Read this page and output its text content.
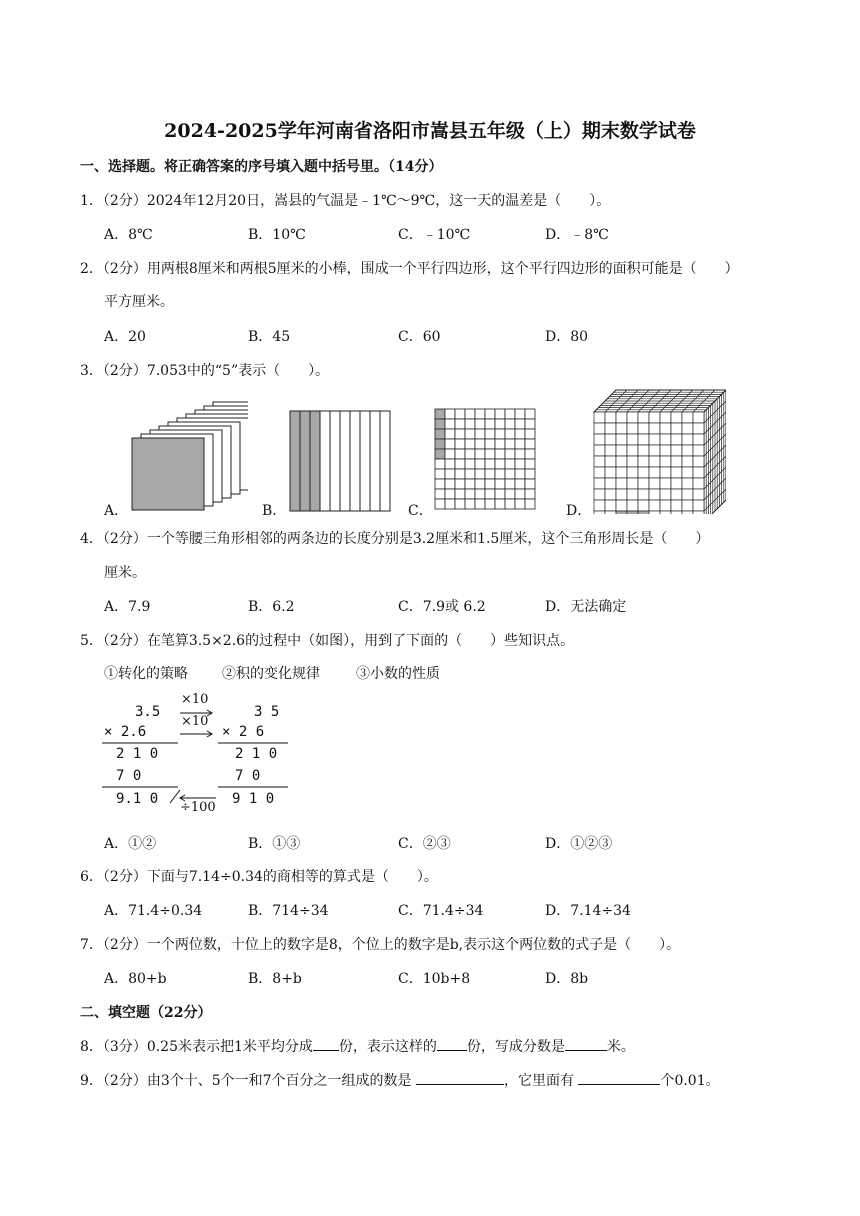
2024-2025学年河南省洛阳市嵩县五年级（上）期末数学试卷
一、选择题。将正确答案的序号填入题中括号里。（14分）
1．（2分）2024年12月20日，嵩县的气温是﹣1℃～9℃，这一天的温差是（　　）。
A．8℃	B．10℃	C．﹣10℃	D．﹣8℃
2．（2分）用两根8厘米和两根5厘米的小棒，围成一个平行四边形，这个平行四边形的面积可能是（　　）
平方厘米。
A．20	B．45	C．60	D．80
3．（2分）7.053中的“5”表示（　　）。
A．	B．	C．	D．
4．（2分）一个等腰三角形相邻的两条边的长度分别是3.2厘米和1.5厘米，这个三角形周长是（　　）
厘米。
A．7.9	B．6.2	C．7.9或 6.2	D．无法确定
5．（2分）在笔算3.5×2.6的过程中（如图），用到了下面的（　　）些知识点。
①转化的策略 ②积的变化规律	③小数的性质
3.5
× 2.6
2 1 0
7 0
9.1 0
3 5
× 2 6
2 1 0
7 0
9 1 0
×10
×10
÷100
A．①②	B．①③	C．②③	D．①②③
6．（2分）下面与7.14÷0.34的商相等的算式是（　　）。
A．71.4÷0.34	B．714÷34	C．71.4÷34	D．7.14÷34
7．（2分）一个两位数，十位上的数字是8，个位上的数字是b,表示这个两位数的式子是（　　）。
A．80+b	B．8+b	C．10b+8	D．8b
二、填空题（22分）
8．（3分）0.25米表示把1米平均分成 份，表示这样的 份，写成分数是	米。
9．（2分）由3个十、5个一和7个百分之一组成的数是	，它里面有	个0.01。
